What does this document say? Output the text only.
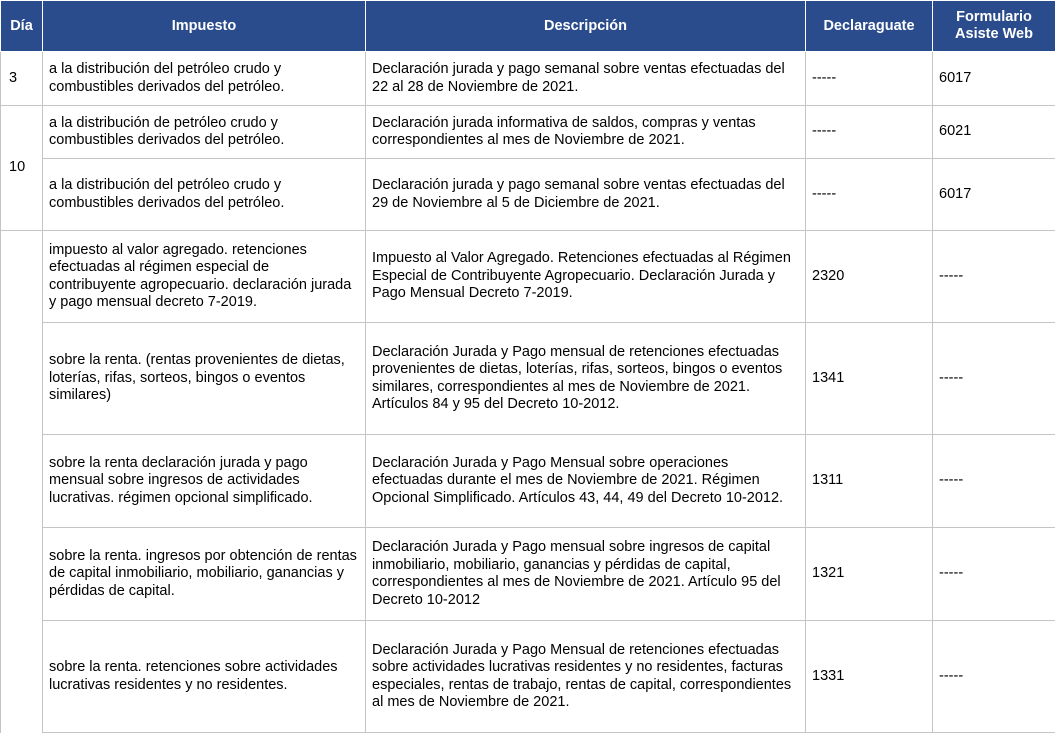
Día	Impuesto	Descripción	Declaraguate	Formulario Asiste Web

3	a la distribución del petróleo crudo y combustibles derivados del petróleo.	Declaración jurada y pago semanal sobre ventas efectuadas del 22 al 28 de Noviembre de 2021.	-----	6017
10	a la distribución de petróleo crudo y combustibles derivados del petróleo.	Declaración jurada informativa de saldos, compras y ventas correspondientes al mes de Noviembre de 2021.	-----	6021
	a la distribución del petróleo crudo y combustibles derivados del petróleo.	Declaración jurada y pago semanal sobre ventas efectuadas del 29 de Noviembre al 5 de Diciembre de 2021.	-----	6017
	impuesto al valor agregado. retenciones efectuadas al régimen especial de contribuyente agropecuario. declaración jurada y pago mensual decreto 7-2019.	Impuesto al Valor Agregado. Retenciones efectuadas al Régimen Especial de Contribuyente Agropecuario. Declaración Jurada y Pago Mensual Decreto 7-2019.	2320	-----
	sobre la renta. (rentas provenientes de dietas, loterías, rifas, sorteos, bingos o eventos similares)	Declaración Jurada y Pago mensual de retenciones efectuadas provenientes de dietas, loterías, rifas, sorteos, bingos o eventos similares, correspondientes al mes de Noviembre de 2021. Artículos 84 y 95 del Decreto 10-2012.	1341	-----
	sobre la renta declaración jurada y pago mensual sobre ingresos de actividades lucrativas. régimen opcional simplificado.	Declaración Jurada y Pago Mensual sobre operaciones efectuadas durante el mes de Noviembre de 2021. Régimen Opcional Simplificado. Artículos 43, 44, 49 del Decreto 10-2012.	1311	-----
	sobre la renta. ingresos por obtención de rentas de capital inmobiliario, mobiliario, ganancias y pérdidas de capital.	Declaración Jurada y Pago mensual sobre ingresos de capital inmobiliario, mobiliario, ganancias y pérdidas de capital, correspondientes al mes de Noviembre de 2021. Artículo 95 del Decreto 10-2012	1321	-----
	sobre la renta. retenciones sobre actividades lucrativas residentes y no residentes.	Declaración Jurada y Pago Mensual de retenciones efectuadas sobre actividades lucrativas residentes y no residentes, facturas especiales, rentas de trabajo, rentas de capital, correspondientes al mes de Noviembre de 2021.	1331	-----
